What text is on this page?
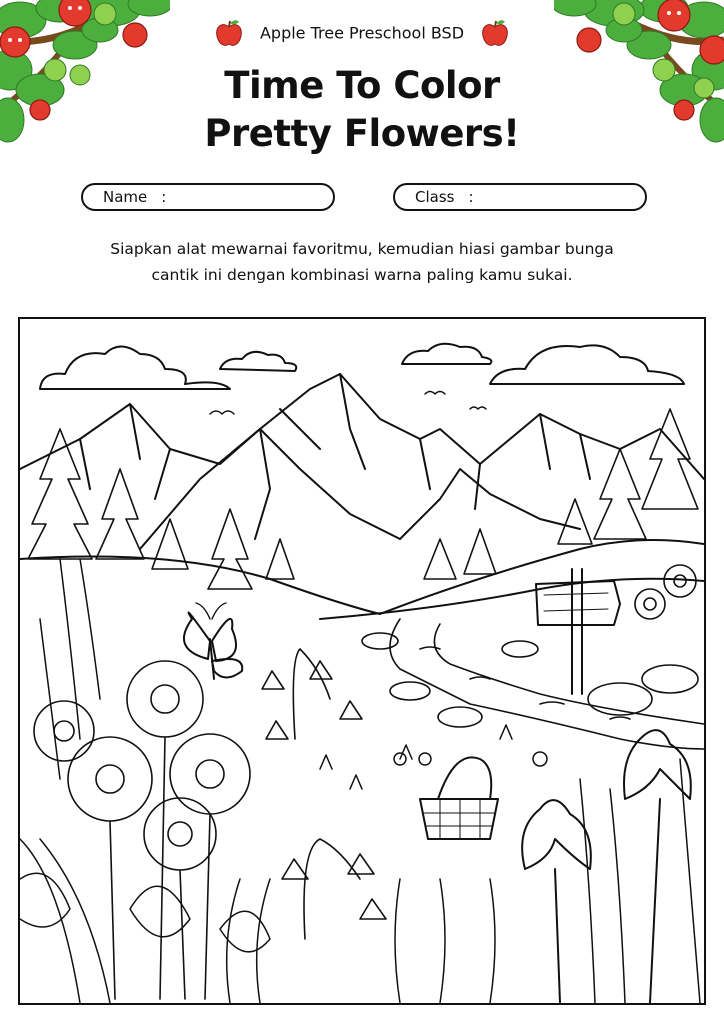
Apple Tree Preschool BSD
Time To Color
Pretty Flowers!
Name :	Class :
Siapkan alat mewarnai favoritmu, kemudian hiasi gambar bunga
cantik ini dengan kombinasi warna paling kamu sukai.
